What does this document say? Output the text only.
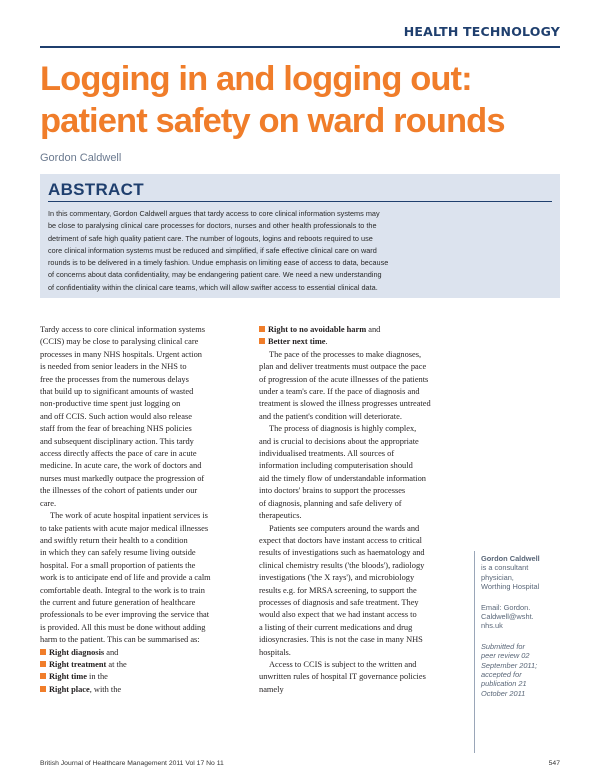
HEALTH TECHNOLOGY
Logging in and logging out:
patient safety on ward rounds
Gordon Caldwell
ABSTRACT
In this commentary, Gordon Caldwell argues that tardy access to core clinical information systems may
be close to paralysing clinical care processes for doctors, nurses and other health professionals to the
detriment of safe high quality patient care. The number of logouts, logins and reboots required to use
core clinical information systems must be reduced and simplified, if safe effective clinical care on ward
rounds is to be delivered in a timely fashion. Undue emphasis on limiting ease of access to data, because
of concerns about data confidentiality, may be endangering patient care. We need a new understanding
of confidentiality within the clinical care teams, which will allow swifter access to essential clinical data.
Tardy access to core clinical information systems
(CCIS) may be close to paralysing clinical care
processes in many NHS hospitals. Urgent action
is needed from senior leaders in the NHS to
free the processes from the numerous delays
that build up to significant amounts of wasted
non-productive time spent just logging on
and off CCIS. Such action would also release
staff from the fear of breaching NHS policies
and subsequent disciplinary action. This tardy
access directly affects the pace of care in acute
medicine. In acute care, the work of doctors and
nurses must markedly outpace the progression of
the illnesses of the cohort of patients under our
care.
The work of acute hospital inpatient services is
to take patients with acute major medical illnesses
and swiftly return their health to a condition
in which they can safely resume living outside
hospital. For a small proportion of patients the
work is to anticipate end of life and provide a calm
comfortable death. Integral to the work is to train
the current and future generation of healthcare
professionals to be ever improving the service that
is provided. All this must be done without adding
harm to the patient. This can be summarised as:
Right diagnosis and
Right treatment at the
Right time in the
Right place, with the
Right to no avoidable harm and
Better next time.
The pace of the processes to make diagnoses,
plan and deliver treatments must outpace the pace
of progression of the acute illnesses of the patients
under a team's care. If the pace of diagnosis and
treatment is slowed the illness progresses untreated
and the patient's condition will deteriorate.
The process of diagnosis is highly complex,
and is crucial to decisions about the appropriate
individualised treatments. All sources of
information including computerisation should
aid the timely flow of understandable information
into doctors' brains to support the processes
of diagnosis, planning and safe delivery of
therapeutics.
Patients see computers around the wards and
expect that doctors have instant access to critical
results of investigations such as haematology and
clinical chemistry results ('the bloods'), radiology
investigations ('the X rays'), and microbiology
results e.g. for MRSA screening, to support the
processes of diagnosis and safe treatment. They
would also expect that we had instant access to
a listing of their current medications and drug
idiosyncrasies. This is not the case in many NHS
hospitals.
Access to CCIS is subject to the written and
unwritten rules of hospital IT governance policies
namely
Gordon Caldwell
is a consultant
physician,
Worthing Hospital
Email: Gordon.
Caldwell@wsht.
nhs.uk
Submitted for
peer review 02
September 2011;
accepted for
publication 21
October 2011
British Journal of Healthcare Management 2011 Vol 17 No 11	547
